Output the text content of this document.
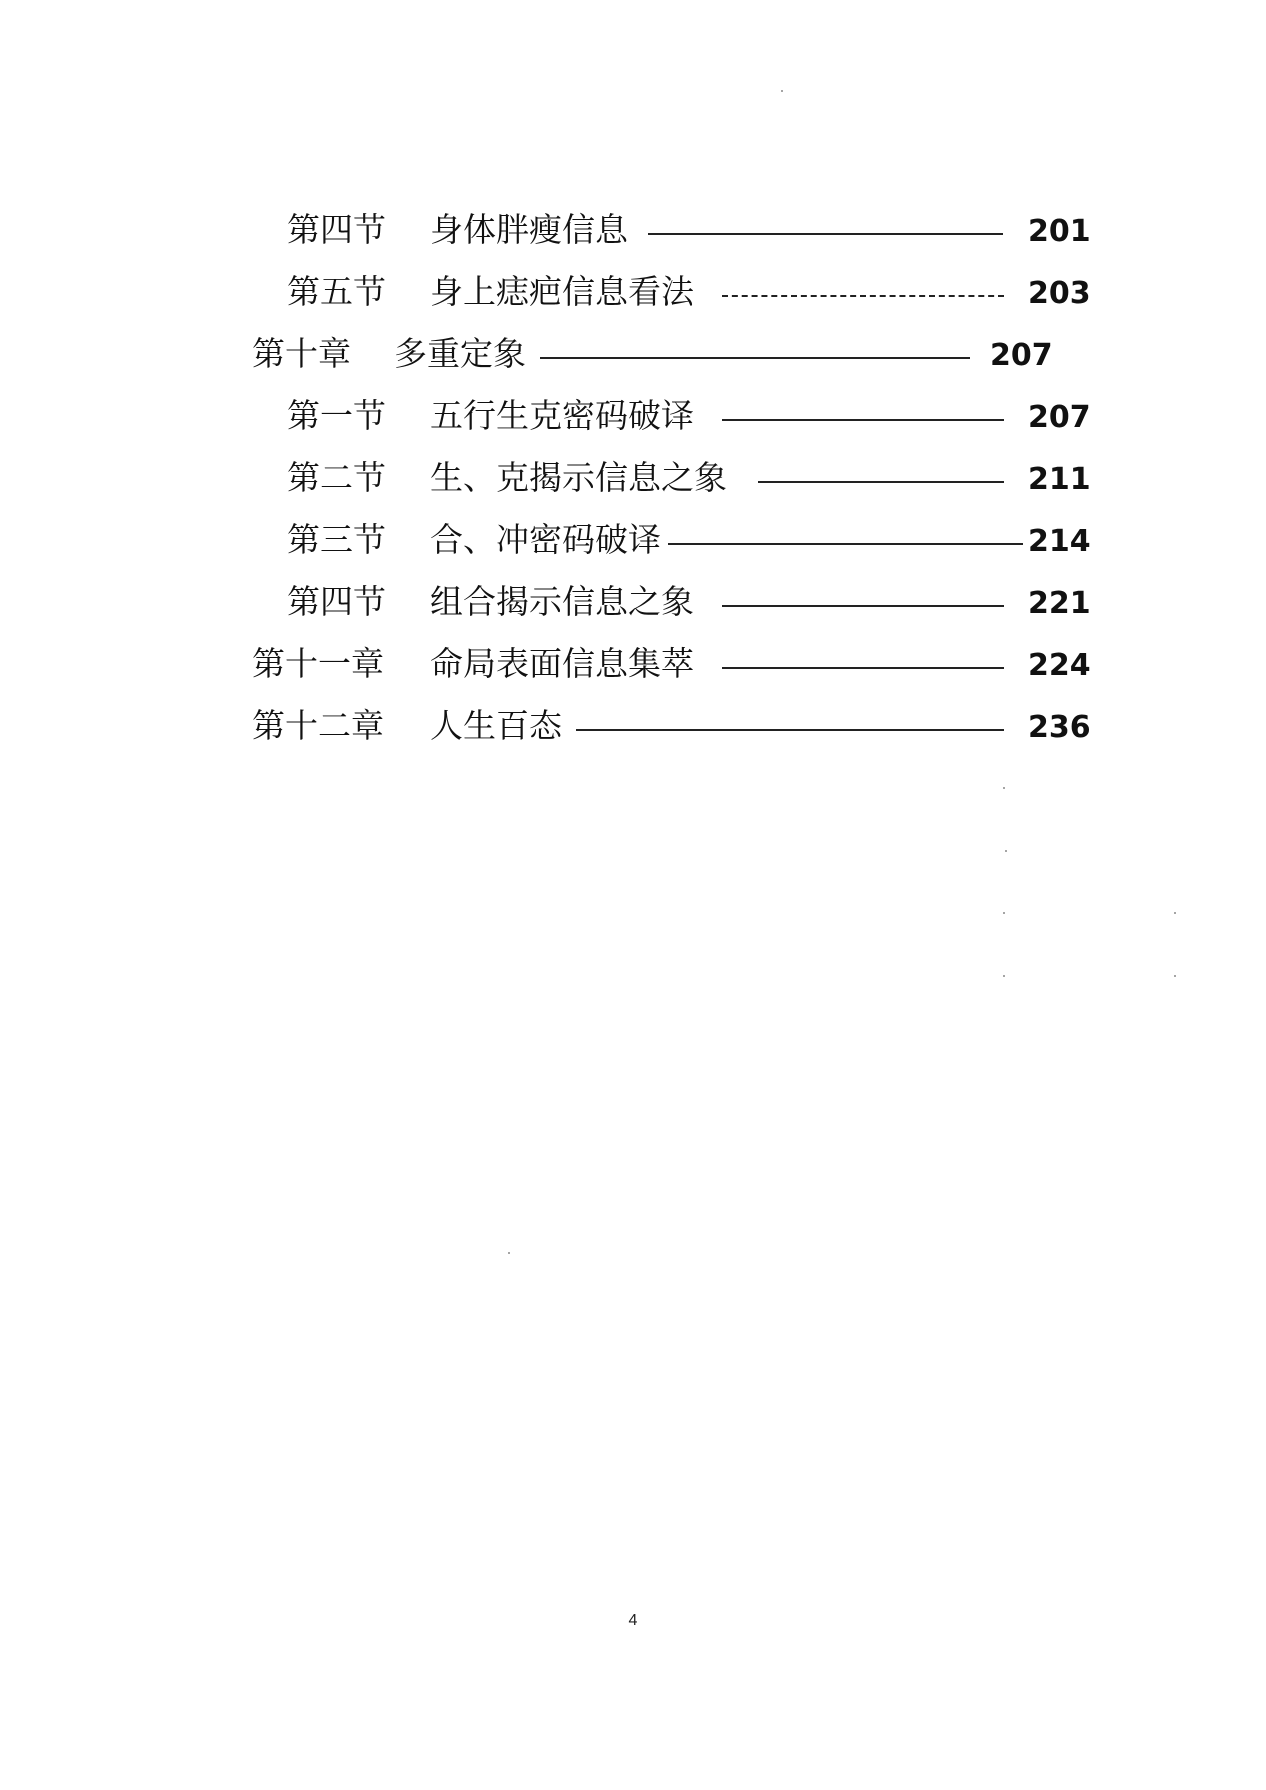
第四节 身体胖瘦信息	201
第五节 身上痣疤信息看法	203
第十章 多重定象	207
第一节 五行生克密码破译	207
第二节 生、克揭示信息之象	211
第三节 合、冲密码破译	214
第四节 组合揭示信息之象	221
第十一章 命局表面信息集萃	224
第十二章 人生百态	236
4
